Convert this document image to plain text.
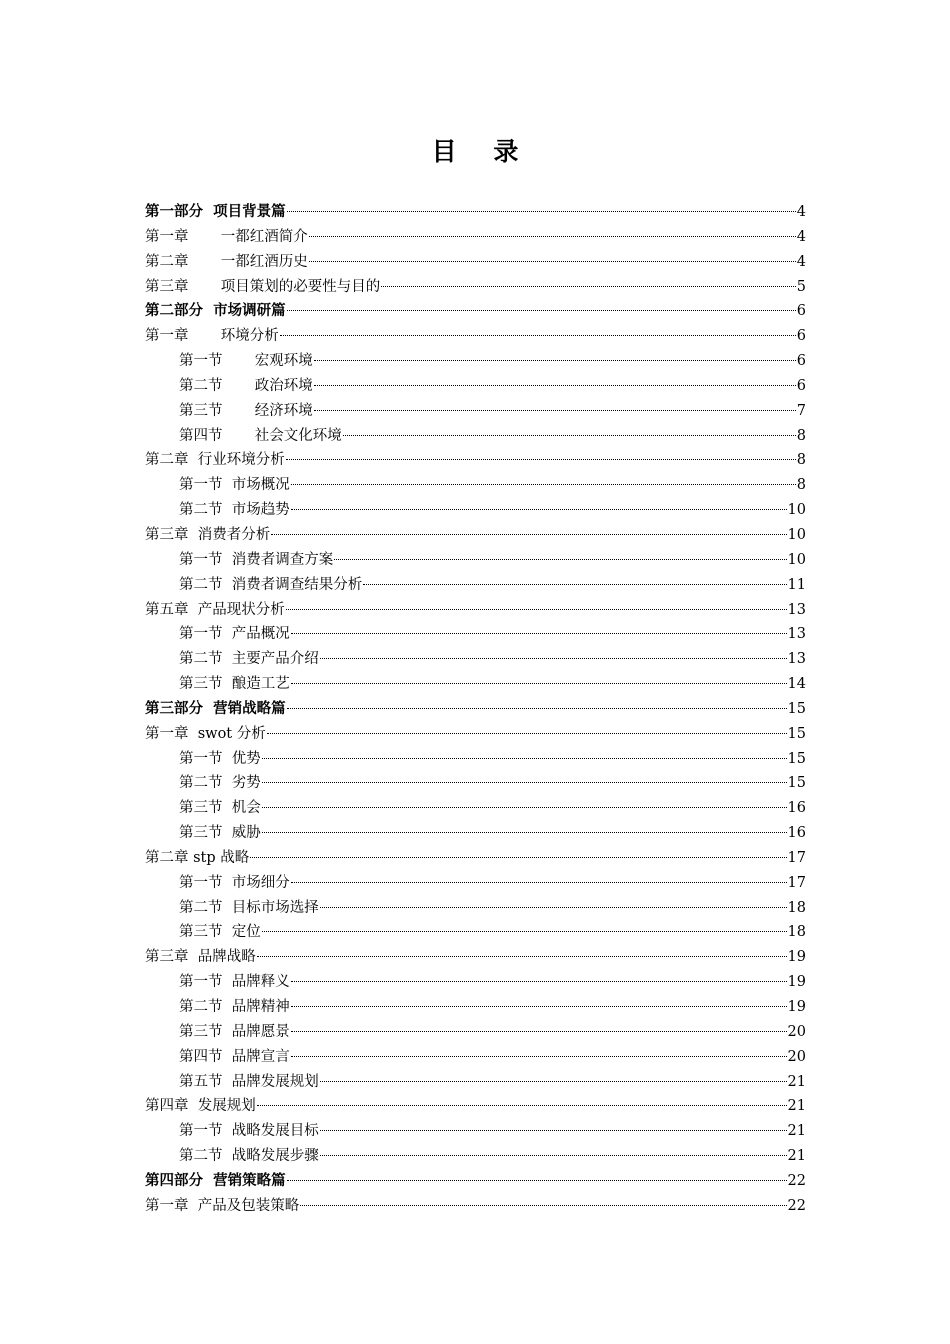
目 录
第一部分  项目背景篇	4
第一章       一都红酒简介	4
第二章       一都红酒历史	4
第三章       项目策划的必要性与目的	5
第二部分  市场调研篇	6
第一章       环境分析	6
第一节       宏观环境	6
第二节       政治环境	6
第三节       经济环境	7
第四节       社会文化环境	8
第二章  行业环境分析	8
第一节  市场概况	8
第二节  市场趋势	10
第三章  消费者分析	10
第一节  消费者调查方案	10
第二节  消费者调查结果分析	11
第五章  产品现状分析	13
第一节  产品概况	13
第二节  主要产品介绍	13
第三节  酿造工艺	14
第三部分  营销战略篇	15
第一章  swot 分析	15
第一节  优势	15
第二节  劣势	15
第三节  机会	16
第三节  威胁	16
第二章 stp 战略	17
第一节  市场细分	17
第二节  目标市场选择	18
第三节  定位	18
第三章  品牌战略	19
第一节  品牌释义	19
第二节  品牌精神	19
第三节  品牌愿景	20
第四节  品牌宣言	20
第五节  品牌发展规划	21
第四章  发展规划	21
第一节  战略发展目标	21
第二节  战略发展步骤	21
第四部分  营销策略篇	22
第一章  产品及包装策略	22
